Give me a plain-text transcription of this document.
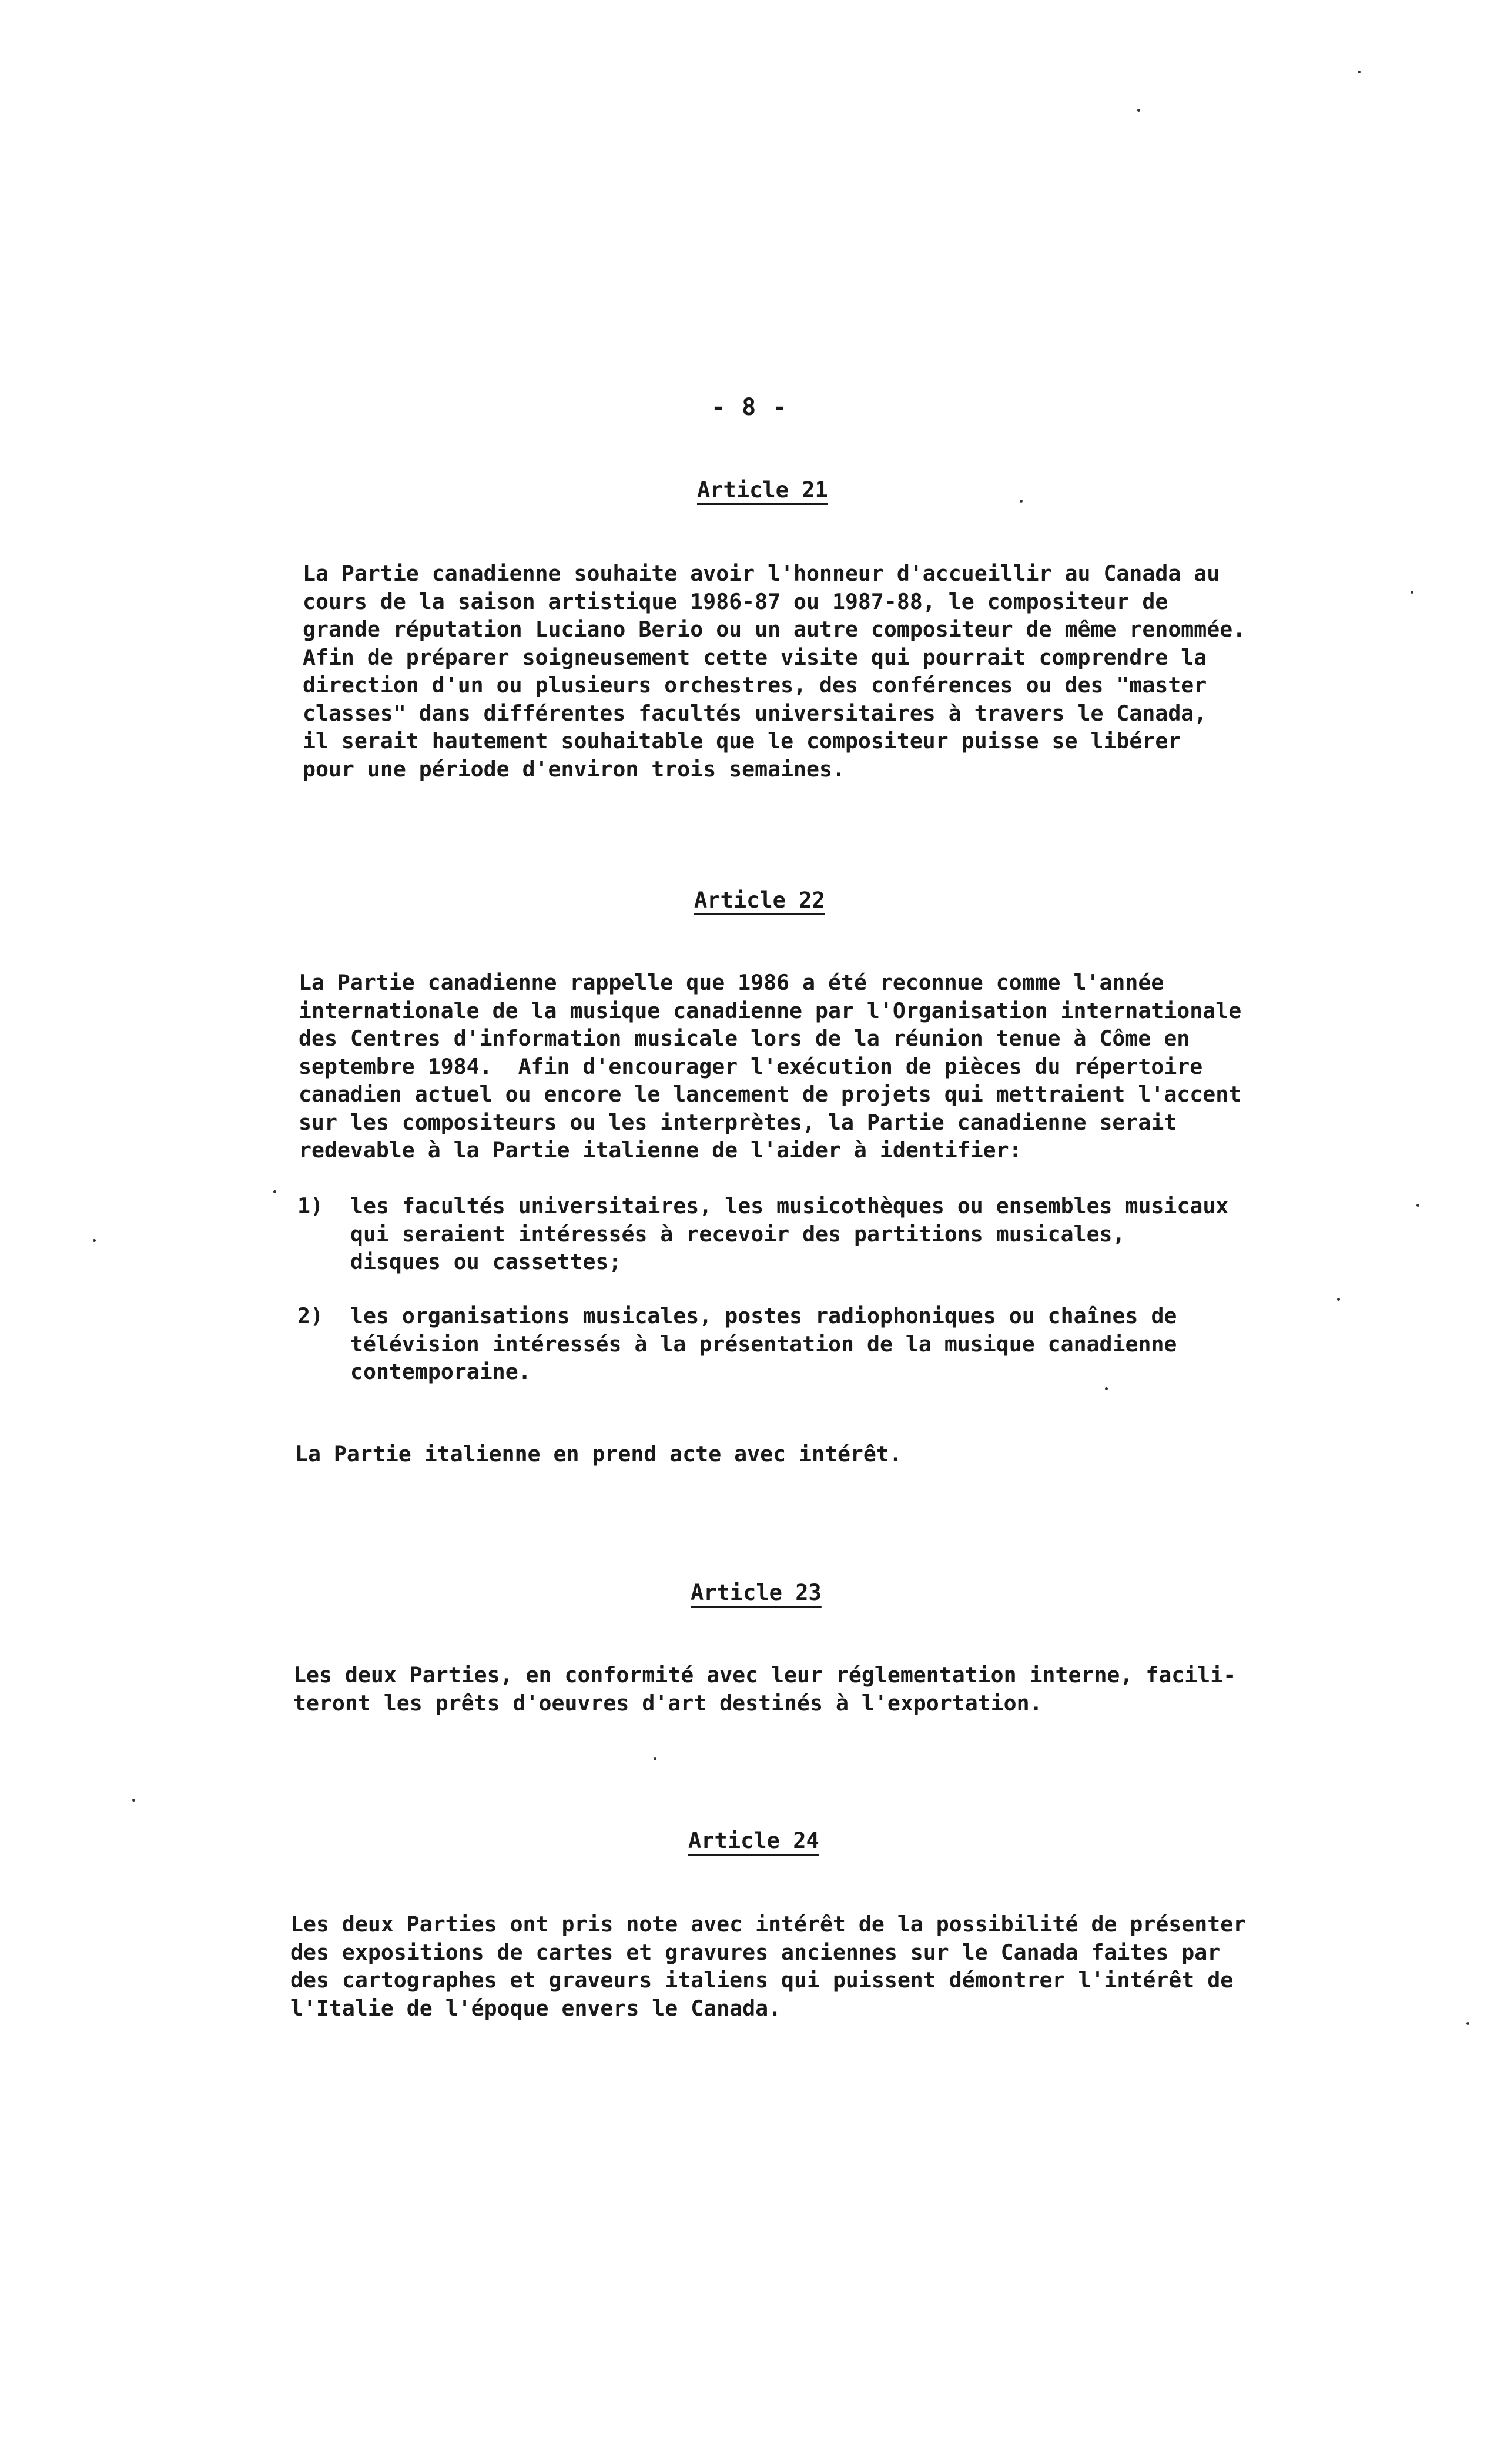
- 8 -
Article 21
La Partie canadienne souhaite avoir l'honneur d'accueillir au Canada au
cours de la saison artistique 1986-87 ou 1987-88, le compositeur de
grande réputation Luciano Berio ou un autre compositeur de même renommée.
Afin de préparer soigneusement cette visite qui pourrait comprendre la
direction d'un ou plusieurs orchestres, des conférences ou des "master
classes" dans différentes facultés universitaires à travers le Canada,
il serait hautement souhaitable que le compositeur puisse se libérer
pour une période d'environ trois semaines.
Article 22
La Partie canadienne rappelle que 1986 a été reconnue comme l'année
internationale de la musique canadienne par l'Organisation internationale
des Centres d'information musicale lors de la réunion tenue à Côme en
septembre 1984.  Afin d'encourager l'exécution de pièces du répertoire
canadien actuel ou encore le lancement de projets qui mettraient l'accent
sur les compositeurs ou les interprètes, la Partie canadienne serait
redevable à la Partie italienne de l'aider à identifier:
1) les facultés universitaires, les musicothèques ou ensembles musicaux
qui seraient intéressés à recevoir des partitions musicales,
disques ou cassettes;
2) les organisations musicales, postes radiophoniques ou chaînes de
télévision intéressés à la présentation de la musique canadienne
contemporaine.
La Partie italienne en prend acte avec intérêt.
Article 23
Les deux Parties, en conformité avec leur réglementation interne, facili-
teront les prêts d'oeuvres d'art destinés à l'exportation.
Article 24
Les deux Parties ont pris note avec intérêt de la possibilité de présenter
des expositions de cartes et gravures anciennes sur le Canada faites par
des cartographes et graveurs italiens qui puissent démontrer l'intérêt de
l'Italie de l'époque envers le Canada.
